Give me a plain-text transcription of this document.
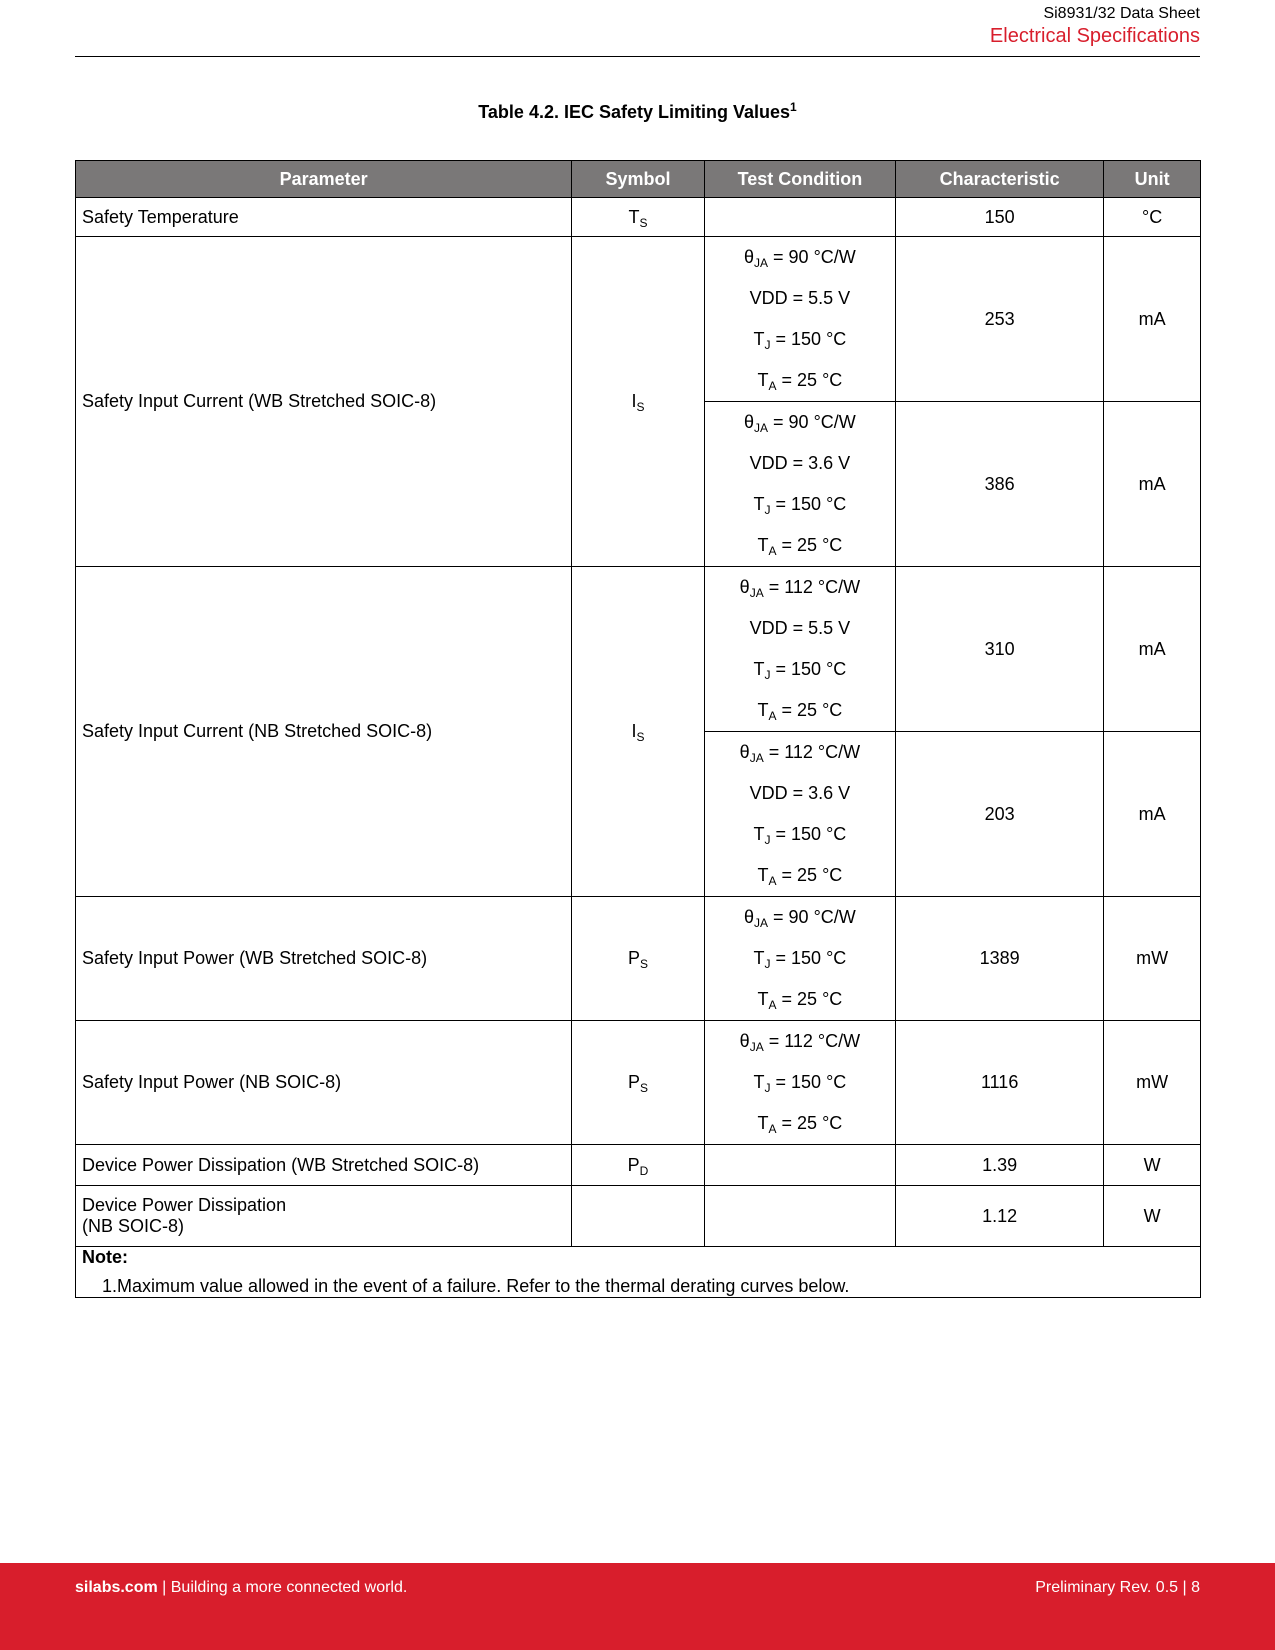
Si8931/32 Data Sheet
Electrical Specifications
Table 4.2. IEC Safety Limiting Values$^1$
Parameter	Symbol	Test Condition	Characteristic	Unit
Safety Temperature	$T_S$		150	°C
Safety Input Current (WB Stretched SOIC-8)	$I_S$	$\theta_{JA} = 90$ °C/W
VDD = 5.5 V
$T_J = 150$ °C
$T_A = 25$ °C	253	mA

		$\theta_{JA} = 90$ °C/W
VDD = 3.6 V
$T_J = 150$ °C
$T_A = 25$ °C	386	mA
Safety Input Current (NB Stretched SOIC-8)	$I_S$	$\theta_{JA} = 112$ °C/W
VDD = 5.5 V
$T_J = 150$ °C
$T_A = 25$ °C	310	mA

		$\theta_{JA} = 112$ °C/W
VDD = 3.6 V
$T_J = 150$ °C
$T_A = 25$ °C	203	mA
Safety Input Power (WB Stretched SOIC-8)	$P_S$	$\theta_{JA} = 90$ °C/W
$T_J = 150$ °C
$T_A = 25$ °C	1389	mW
Safety Input Power (NB SOIC-8)	$P_S$	$\theta_{JA} = 112$ °C/W
$T_J = 150$ °C
$T_A = 25$ °C	1116	mW
Device Power Dissipation (WB Stretched SOIC-8)	$P_D$		1.39	W

Device Power Dissipation
(NB SOIC-8)			1.12	W

Note:
1.Maximum value allowed in the event of a failure. Refer to the thermal derating curves below.				
silabs.com | Building a more connected world.	Preliminary Rev. 0.5 | 8
